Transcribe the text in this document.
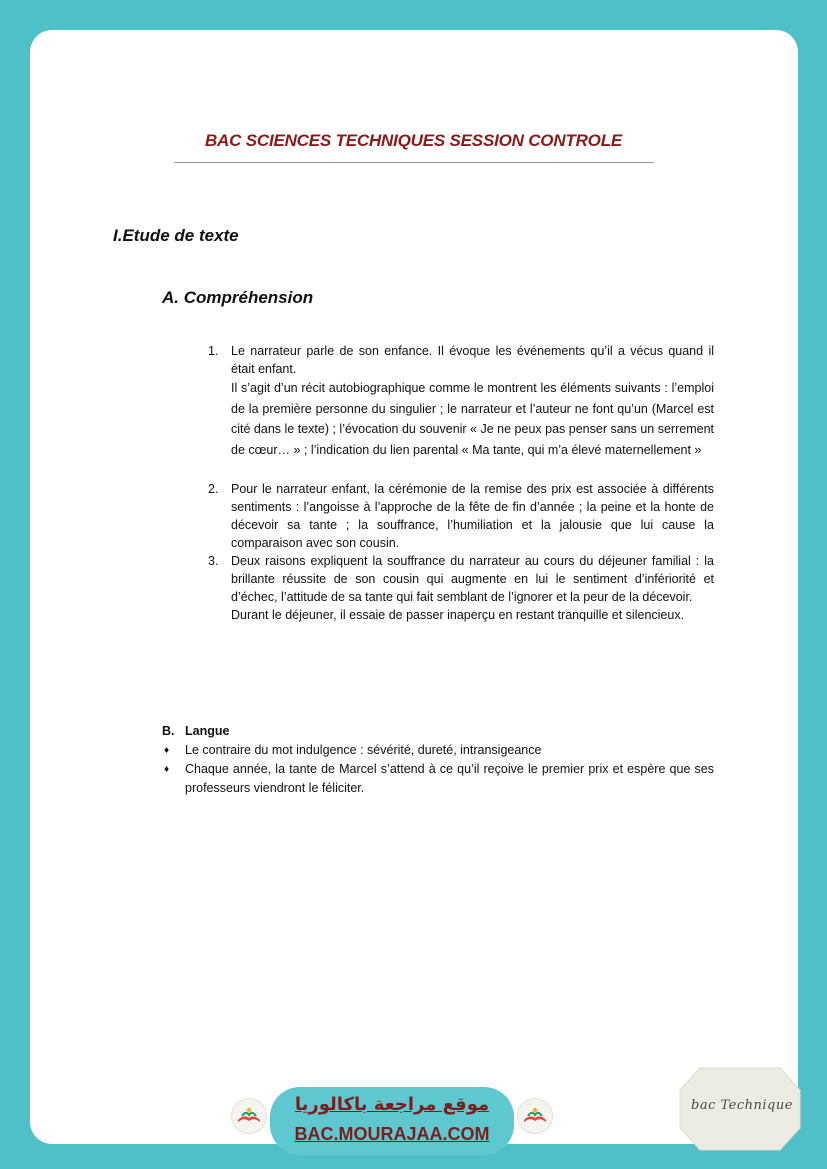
BAC SCIENCES TECHNIQUES SESSION CONTROLE
I.Etude de texte
A. Compréhension
1. Le narrateur parle de son enfance. Il évoque les événements qu’il a vécus quand il était enfant.

Il s’agit d’un récit autobiographique comme le montrent les éléments suivants : l’emploi de la première personne du singulier ; le narrateur et l’auteur ne font qu’un (Marcel est cité dans le texte) ; l’évocation du souvenir « Je ne peux pas penser sans un serrement de cœur… » ; l’indication du lien parental « Ma tante, qui m’a élevé maternellement »

2. Pour le narrateur enfant, la cérémonie de la remise des prix est associée à différents sentiments : l’angoisse à l’approche de la fête de fin d’année ; la peine et la honte de décevoir sa tante ; la souffrance, l’humiliation et la jalousie que lui cause la comparaison avec son cousin.

3. Deux raisons expliquent la souffrance du narrateur au cours du déjeuner familial : la brillante réussite de son cousin qui augmente en lui le sentiment d’infériorité et d’échec, l’attitude de sa tante qui fait semblant de l’ignorer et la peur de la décevoir.

Durant le déjeuner, il essaie de passer inaperçu en restant tranquille et silencieux.

B. Langue
♦ Le contraire du mot indulgence : sévérité, dureté, intransigeance
♦ Chaque année, la tante de Marcel s’attend à ce qu’il reçoive le premier prix et espère que ses professeurs viendront le féliciter.
موقع مراجعة باكالوريا
BAC.MOURAJAA.COM
bac Technique
